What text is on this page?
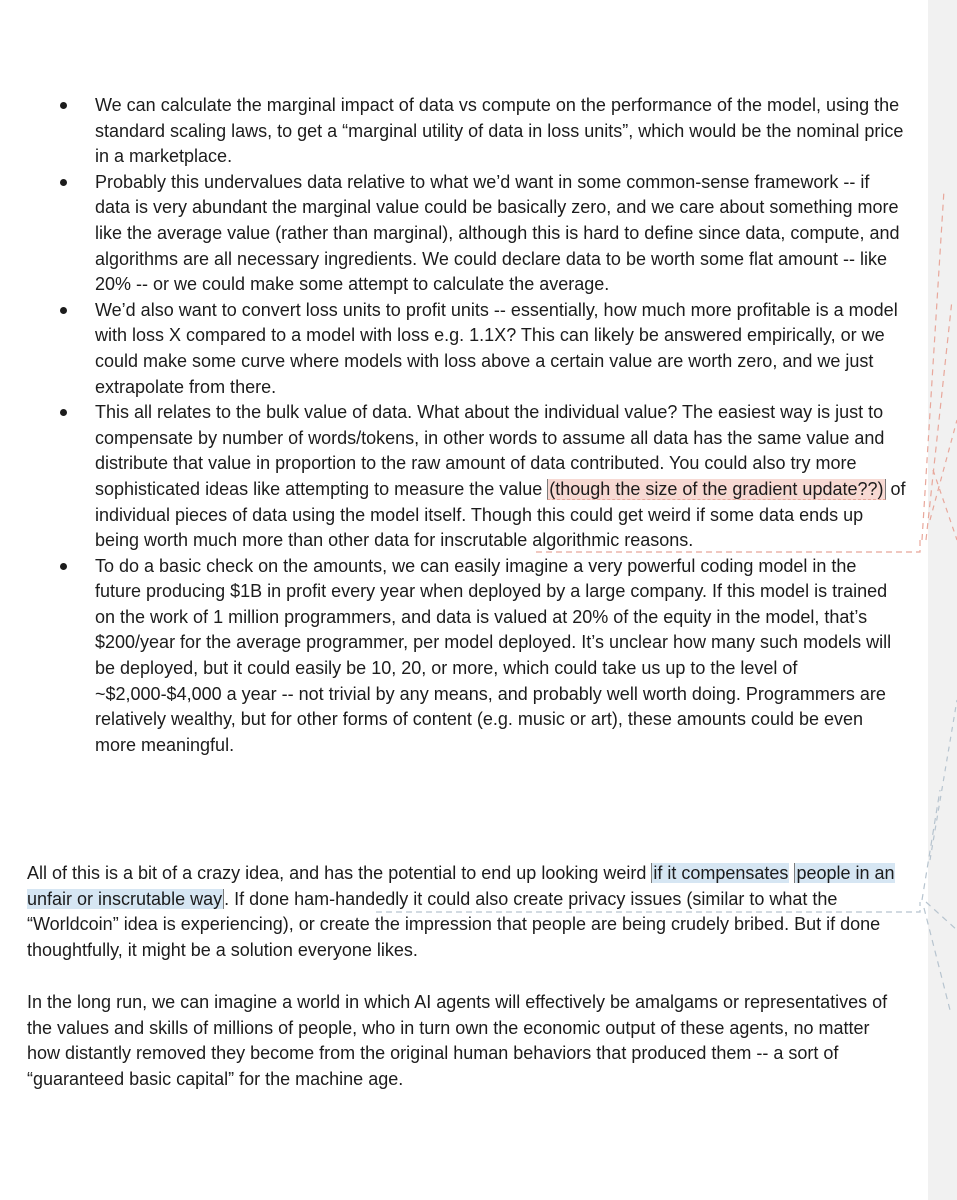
We can calculate the marginal impact of data vs compute on the performance of the model, using the standard scaling laws, to get a “marginal utility of data in loss units”, which would be the nominal price in a marketplace.
Probably this undervalues data relative to what we’d want in some common-sense framework -- if data is very abundant the marginal value could be basically zero, and we care about something more like the average value (rather than marginal), although this is hard to define since data, compute, and algorithms are all necessary ingredients. We could declare data to be worth some flat amount -- like 20% -- or we could make some attempt to calculate the average.
We’d also want to convert loss units to profit units -- essentially, how much more profitable is a model with loss X compared to a model with loss e.g. 1.1X? This can likely be answered empirically, or we could make some curve where models with loss above a certain value are worth zero, and we just extrapolate from there.
This all relates to the bulk value of data. What about the individual value? The easiest way is just to compensate by number of words/tokens, in other words to assume all data has the same value and distribute that value in proportion to the raw amount of data contributed. You could also try more sophisticated ideas like attempting to measure the value (though the size of the gradient update??) of individual pieces of data using the model itself. Though this could get weird if some data ends up being worth much more than other data for inscrutable algorithmic reasons.
To do a basic check on the amounts, we can easily imagine a very powerful coding model in the future producing $1B in profit every year when deployed by a large company. If this model is trained on the work of 1 million programmers, and data is valued at 20% of the equity in the model, that’s $200/year for the average programmer, per model deployed. It’s unclear how many such models will be deployed, but it could easily be 10, 20, or more, which could take us up to the level of ~$2,000-$4,000 a year -- not trivial by any means, and probably well worth doing. Programmers are relatively wealthy, but for other forms of content (e.g. music or art), these amounts could be even more meaningful.

All of this is a bit of a crazy idea, and has the potential to end up looking weird if it compensates people in an unfair or inscrutable way . If done ham-handedly it could also create privacy issues (similar to what the “Worldcoin” idea is experiencing), or create the impression that people are being crudely bribed. But if done thoughtfully, it might be a solution everyone likes.

In the long run, we can imagine a world in which AI agents will effectively be amalgams or representatives of the values and skills of millions of people, who in turn own the economic output of these agents, no matter how distantly removed they become from the original human behaviors that produced them -- a sort of “guaranteed basic capital” for the machine age.
